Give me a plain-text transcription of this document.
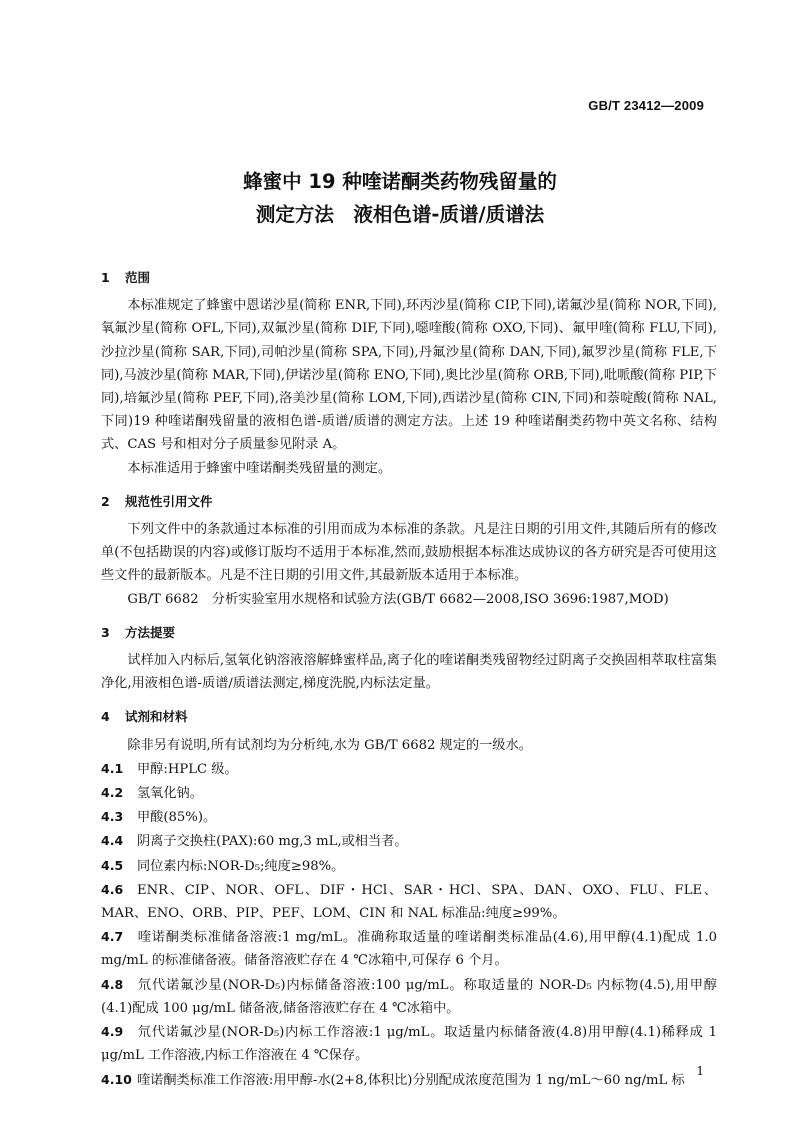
GB/T 23412—2009
蜂蜜中 19 种喹诺酮类药物残留量的
测定方法　液相色谱-质谱/质谱法
1 范围

本标准规定了蜂蜜中恩诺沙星(简称 ENR,下同),环丙沙星(简称 CIP,下同),诺氟沙星(简称 NOR,下同),氧氟沙星(简称 OFL,下同),双氟沙星(简称 DIF,下同),噁喹酸(简称 OXO,下同)、氟甲喹(简称 FLU,下同),沙拉沙星(简称 SAR,下同),司帕沙星(简称 SPA,下同),丹氟沙星(简称 DAN,下同),氟罗沙星(简称 FLE,下同),马波沙星(简称 MAR,下同),伊诺沙星(简称 ENO,下同),奥比沙星(简称 ORB,下同),吡哌酸(简称 PIP,下同),培氟沙星(简称 PEF,下同),洛美沙星(简称 LOM,下同),西诺沙星(简称 CIN,下同)和萘啶酸(简称 NAL,下同)19 种喹诺酮残留量的液相色谱-质谱/质谱的测定方法。上述 19 种喹诺酮类药物中英文名称、结构式、CAS 号和相对分子质量参见附录 A。

本标准适用于蜂蜜中喹诺酮类残留量的测定。

2 规范性引用文件

下列文件中的条款通过本标准的引用而成为本标准的条款。凡是注日期的引用文件,其随后所有的修改单(不包括勘误的内容)或修订版均不适用于本标准,然而,鼓励根据本标准达成协议的各方研究是否可使用这些文件的最新版本。凡是不注日期的引用文件,其最新版本适用于本标准。

GB/T 6682　分析实验室用水规格和试验方法(GB/T 6682—2008,ISO 3696:1987,MOD)

3 方法提要

试样加入内标后,氢氧化钠溶液溶解蜂蜜样品,离子化的喹诺酮类残留物经过阴离子交换固相萃取柱富集净化,用液相色谱-质谱/质谱法测定,梯度洗脱,内标法定量。

4 试剂和材料

除非另有说明,所有试剂均为分析纯,水为 GB/T 6682 规定的一级水。

4.1 甲醇:HPLC 级。

4.2 氢氧化钠。

4.3 甲酸(85%)。

4.4 阴离子交换柱(PAX):60 mg,3 mL,或相当者。

4.5 同位素内标:NOR-D₅;纯度≥98%。

4.6 ENR、CIP、NOR、OFL、DIF・HCl、SAR・HCl、SPA、DAN、OXO、FLU、FLE、MAR、ENO、ORB、PIP、PEF、LOM、CIN 和 NAL 标准品:纯度≥99%。

4.7 喹诺酮类标准储备溶液:1 mg/mL。准确称取适量的喹诺酮类标准品(4.6),用甲醇(4.1)配成 1.0 mg/mL 的标准储备液。储备溶液贮存在 4 ℃冰箱中,可保存 6 个月。

4.8 氘代诺氟沙星(NOR-D₅)内标储备溶液:100 μg/mL。称取适量的 NOR-D₅ 内标物(4.5),用甲醇(4.1)配成 100 μg/mL 储备液,储备溶液贮存在 4 ℃冰箱中。

4.9 氘代诺氟沙星(NOR-D₅)内标工作溶液:1 μg/mL。取适量内标储备液(4.8)用甲醇(4.1)稀释成 1 μg/mL 工作溶液,内标工作溶液在 4 ℃保存。

4.10 喹诺酮类标准工作溶液:用甲醇-水(2+8,体积比)分别配成浓度范围为 1 ng/mL～60 ng/mL 标

1
